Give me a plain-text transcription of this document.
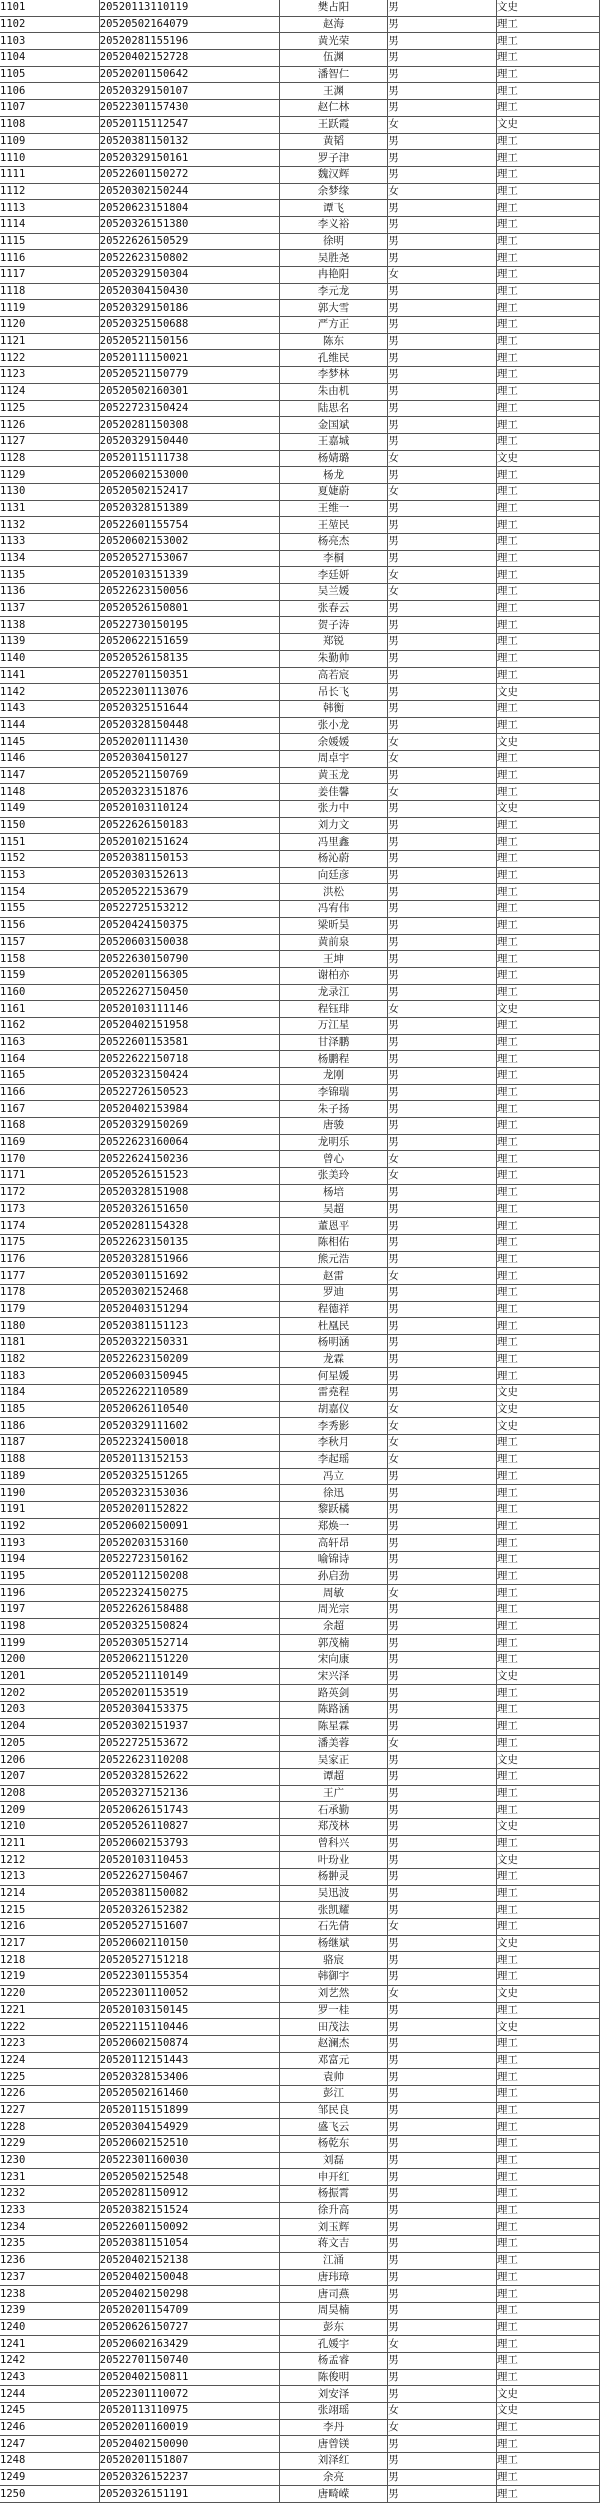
1101	20520113110119	樊占阳	男	文史
1102	20520502164079	赵海	男	理工
1103	20520281155196	黄光荣	男	理工
1104	20520402152728	伍渊	男	理工
1105	20520201150642	潘智仁	男	理工
1106	20520329150107	王渊	男	理工
1107	20522301157430	赵仁林	男	理工
1108	20520115112547	王跃霞	女	文史
1109	20520381150132	黄韬	男	理工
1110	20520329150161	罗子津	男	理工
1111	20522601150272	魏汉辉	男	理工
1112	20520302150244	余梦缘	女	理工
1113	20520623151804	谭飞	男	理工
1114	20520326151380	李义裕	男	理工
1115	20522626150529	徐明	男	理工
1116	20522623150802	吴胜尧	男	理工
1117	20520329150304	冉艳阳	女	理工
1118	20520304150430	李元龙	男	理工
1119	20520329150186	郭大雪	男	理工
1120	20520325150688	严方正	男	理工
1121	20520521150156	陈东	男	理工
1122	20520111150021	孔维民	男	理工
1123	20520521150779	李梦林	男	理工
1124	20520502160301	朱由机	男	理工
1125	20522723150424	陆思名	男	理工
1126	20520281150308	金国斌	男	理工
1127	20520329150440	王嘉城	男	理工
1128	20520115111738	杨婧璐	女	文史
1129	20520602153000	杨龙	男	理工
1130	20520502152417	夏婕蔚	女	理工
1131	20520328151389	王维一	男	理工
1132	20522601155754	王堃民	男	理工
1133	20520602153002	杨亮杰	男	理工
1134	20520527153067	李桐	男	理工
1135	20520103151339	李廷妍	女	理工
1136	20522623150056	吴兰媛	女	理工
1137	20520526150801	张春云	男	理工
1138	20522730150195	贺子涛	男	理工
1139	20520622151659	郑锐	男	理工
1140	20520526158135	朱勤帅	男	理工
1141	20522701150351	高若宸	男	理工
1142	20522301113076	吊长飞	男	文史
1143	20520325151644	韩衡	男	理工
1144	20520328150448	张小龙	男	理工
1145	20520201111430	余媛媛	女	文史
1146	20520304150127	周卓宇	女	理工
1147	20520521150769	黄玉龙	男	理工
1148	20520323151876	姜佳馨	女	理工
1149	20520103110124	张力中	男	文史
1150	20522626150183	刘力文	男	理工
1151	20520102151624	冯里鑫	男	理工
1152	20520381150153	杨沁蔚	男	理工
1153	20520303152613	向廷彦	男	理工
1154	20520522153679	洪松	男	理工
1155	20522725153212	冯宥伟	男	理工
1156	20520424150375	梁昕昊	男	理工
1157	20520603150038	黄前泉	男	理工
1158	20522630150790	王坤	男	理工
1159	20520201156305	谢柏亦	男	理工
1160	20522627150450	龙录江	男	理工
1161	20520103111146	程钰琲	女	文史
1162	20520402151958	万江星	男	理工
1163	20522601153581	甘泽鹏	男	理工
1164	20522622150718	杨鹏程	男	理工
1165	20520323150424	龙刚	男	理工
1166	20522726150523	李锦瑞	男	理工
1167	20520402153984	朱子扬	男	理工
1168	20520329150269	唐骏	男	理工
1169	20522623160064	龙明乐	男	理工
1170	20522624150236	曾心	女	理工
1171	20520526151523	张美玲	女	理工
1172	20520328151908	杨培	男	理工
1173	20520326151650	吴超	男	理工
1174	20520281154328	董恩平	男	理工
1175	20522623150135	陈相佑	男	理工
1176	20520328151966	熊元浩	男	理工
1177	20520301151692	赵雷	女	理工
1178	20520302152468	罗迪	男	理工
1179	20520403151294	程德祥	男	理工
1180	20520381151123	杜凰民	男	理工
1181	20520322150331	杨明涵	男	理工
1182	20522623150209	龙霖	男	理工
1183	20520603150945	何星媛	男	理工
1184	20522622110589	雷堯程	男	文史
1185	20520626110540	胡嘉仪	女	文史
1186	20520329111602	李秀影	女	文史
1187	20522324150018	李秋月	女	理工
1188	20520113152153	李起瑶	女	理工
1189	20520325151265	冯立	男	理工
1190	20520323153036	徐迅	男	理工
1191	20520201152822	黎跃橘	男	理工
1192	20520602150091	郑焕一	男	理工
1193	20520203153160	高轩昂	男	理工
1194	20522723150162	喻锦诗	男	理工
1195	20520112150208	孙启劲	男	理工
1196	20522324150275	周敏	女	理工
1197	20522626158488	周光宗	男	理工
1198	20520325150824	余超	男	理工
1199	20520305152714	郭茂楠	男	理工
1200	20520621151220	宋向康	男	理工
1201	20520521110149	宋兴泽	男	文史
1202	20520201153519	路英剑	男	理工
1203	20520304153375	陈路涵	男	理工
1204	20520302151937	陈星霖	男	理工
1205	20522725153672	潘美蓉	女	理工
1206	20522623110208	吴家正	男	文史
1207	20520328152622	谭超	男	理工
1208	20520327152136	王广	男	理工
1209	20520626151743	石承勤	男	理工
1210	20520526110827	郑茂林	男	文史
1211	20520602153793	曾科兴	男	理工
1212	20520103110453	叶玢业	男	文史
1213	20522627150467	杨翀灵	男	理工
1214	20520381150082	吴迅波	男	理工
1215	20520326152382	张凯耀	男	理工
1216	20520527151607	石先倩	女	理工
1217	20520602110150	杨继斌	男	文史
1218	20520527151218	骆宸	男	理工
1219	20522301155354	韩御宇	男	理工
1220	20522301110052	刘艺然	女	文史
1221	20520103150145	罗一桂	男	理工
1222	20522115110446	田茂法	男	文史
1223	20520602150874	赵澜杰	男	理工
1224	20520112151443	邓富元	男	理工
1225	20520328153406	袁帅	男	理工
1226	20520502161460	彭江	男	理工
1227	20520115151899	邹民良	男	理工
1228	20520304154929	盛飞云	男	理工
1229	20520602152510	杨乾东	男	理工
1230	20522301160030	刘磊	男	理工
1231	20520502152548	申开红	男	理工
1232	20520281150912	杨振霄	男	理工
1233	20520382151524	徐升高	男	理工
1234	20522601150092	刘玉辉	男	理工
1235	20520381151054	蒋文吉	男	理工
1236	20520402152138	江涌	男	理工
1237	20520402150048	唐玮璋	男	理工
1238	20520402150298	唐司燕	男	理工
1239	20520201154709	周昊楠	男	理工
1240	20520626150727	彭东	男	理工
1241	20520602163429	孔媛宇	女	理工
1242	20522701150740	杨孟睿	男	理工
1243	20520402150811	陈俊明	男	理工
1244	20522301110072	刘安泽	男	文史
1245	20520113110975	张翊瑶	女	文史
1246	20520201160019	李丹	女	理工
1247	20520402150090	唐曾镁	男	理工
1248	20520201151807	刘泽红	男	理工
1249	20520326152237	余亮	男	理工
1250	20520326151191	唐畸嵘	男	理工
